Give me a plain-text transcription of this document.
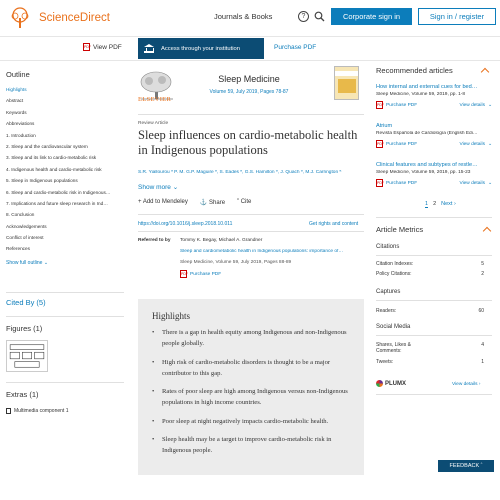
ScienceDirect	Journals & Books	?	Corporate sign in	Sign in / register
PDF View PDF	Access through your institution	Purchase PDF
Outline
Highlights
Abstract
Keywords
Abbreviations
1. Introduction
2. Sleep and the cardiovascular system
3. Sleep and its link to cardio-metabolic risk
4. Indigenous health and cardio-metabolic risk
5. Sleep in Indigenous populations
6. Sleep and cardio-metabolic risk in Indigenous…
7. Implications and future sleep research in Ind…
8. Conclusion
Acknowledgements
Conflict of interest
References
Show full outline ⌄
Cited By (5)
Figures (1)
Extras (1)
Multimedia component 1
ELSEVIER
Sleep Medicine
Volume 59, July 2019, Pages 78-87
Review Article
Sleep influences on cardio-metabolic health in Indigenous populations
S.R. Yiallourou ª P. M. G.P. Maguire ª, S. Eades ª, G.S. Hamilton ª, J. Quach ª, M.J. Carrington ª
Show more ⌄
+ Add to Mendeley ⚓ Share ” Cite
https://doi.org/10.1016/j.sleep.2018.10.011	Get rights and content
Referred to by Tommy K. Begay, Michael A. Grandner
Sleep and cardiometabolic health in Indigenous populations: importance of…
Sleep Medicine, Volume 59, July 2019, Pages 88-89
PDF Purchase PDF
Highlights
• There is a gap in health equity among Indigenous and non-Indigenous people globally.
• High risk of cardio-metabolic disorders is thought to be a major contributor to this gap.
• Rates of poor sleep are high among Indigenous versus non-Indigenous populations in high income countries.
• Poor sleep at night negatively impacts cardio-metabolic health.
• Sleep health may be a target to improve cardio-metabolic risk in Indigenous people.
Recommended articles
How internal and external cues for bed…
Sleep Medicine, Volume 59, 2019, pp. 1-8
PDF Purchase PDF	View details ⌄
Atrium
Revista Española de Cardiología (English Edi…
PDF Purchase PDF	View details ⌄
Clinical features and subtypes of restle…
Sleep Medicine, Volume 59, 2019, pp. 15-23
PDF Purchase PDF	View details ⌄
1 2 Next ›
Article Metrics
Citations
Citation Indexes:	5
Policy Citations:	2
Captures
Readers:	60
Social Media
Shares, Likes & Comments:
4
Tweets:	1
PLUMX	View details ›
FEEDBACK ˆ
